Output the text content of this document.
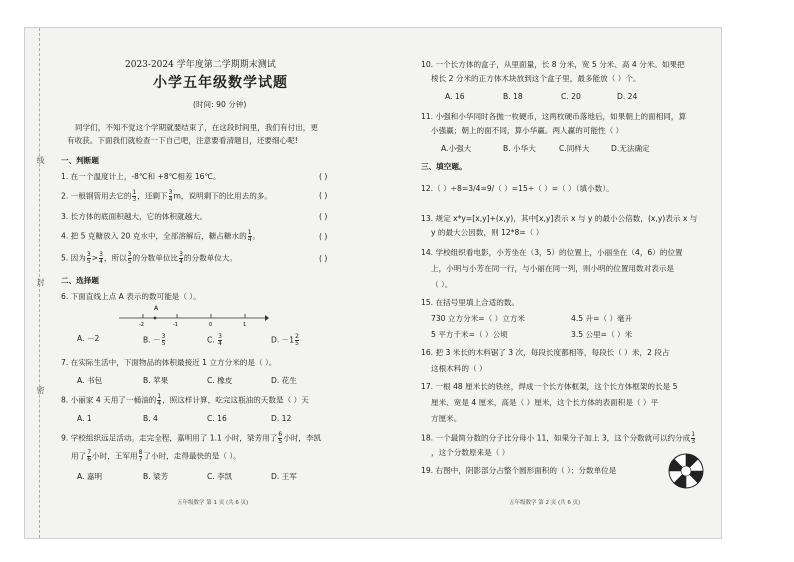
线
封
密
2023-2024 学年度第二学期期末测试
小学五年级数学试题
(时间: 90 分钟)
同学们，不知不觉这个学期就要结束了，在这段时间里，我们有付出，更
有收获。下面我们就检查一下自己吧，注意要看清题目，还要细心呢!
一、判断题
1. 在一个温度计上，-8℃和 +8℃相差 16℃。	( )
2. 一根钢管用去它的 $\frac{1}{3}$ ，还剩下 $\frac{3}{4}$ m，说明剩下的比用去的多。	( )
3. 长方体的底面积越大，它的体积就越大。	( )
4. 把 5 克糖放入 20 克水中，全部溶解后，糖占糖水的 $\frac{1}{4}$ 。	( )
5. 因为 $\frac{3}{5} > \frac{3}{4}$ ，所以 $\frac{3}{5}$ 的分数单位比 $\frac{3}{4}$ 的分数单位大。	( )
二、选择题
6. 下面直线上点 A 表示的数可能是（ ）。
A
-2	-1	0	1
A. －2	B. － $\frac{3}{5}$	C. $\frac{3}{4}$	D. $-1 \frac{2}{5}$
7. 在实际生活中，下面物品的体积最接近 1 立方分米的是（ ）。
A. 书包	B. 苹果	C. 橡皮	D. 花生
8. 小丽家 4 天用了一桶油的 $\frac{1}{4}$ ，照这样计算，吃完这瓶油的天数是（ ）天
A. 1	B. 4	C. 16	D. 12
9. 学校组织远足活动。走完全程，嘉明用了 1.1 小时，梁芳用了 $\frac{6}{5}$ 小时，李凯
用了 $\frac{7}{6}$ 小时，王军用 $\frac{8}{7}$ 了小时，走得最快的是（ ）。
A. 嘉明	B. 梁芳	C. 李凯	D. 王军
五年级数学 第 1 页 (共 6 页)
10. 一个长方体的盒子，从里面量，长 8 分米，宽 5 分米、高 4 分米。如果把
棱长 2 分米的正方体木块放到这个盒子里，最多能放（ ）个。
A. 16	B. 18	C. 20	D. 24
11. 小强和小华同时各抛一枚硬币，这两枚硬币落地后，如果朝上的面相同，算
小强赢；朝上的面不同，算小华赢。两人赢的可能性（ ）
A.小强大	B. 小华大	C.同样大	D.无法确定
三、填空题。
12.（ ）÷8=3/4=9/（ ）=15÷（ ）=（ ）（填小数）。
13. 规定 x*y=[x,y]+(x,y)，其中[x,y]表示 x 与 y 的最小公倍数，(x,y)表示 x 与
y 的最大公因数，则 12*8=（ ）
14. 学校组织看电影，小芳坐在（3，5）的位置上，小丽坐在（4，6）的位置
上，小明与小芳在同一行，与小丽在同一列，则小明的位置用数对表示是
（ ）。
15. 在括号里填上合适的数。
730 立方分米=（ ）立方米	4.5 升=（ ）毫升
5 平方千米=（ ）公顷	3.5 公里=（ ）米
16. 把 3 米长的木料锯了 3 次，每段长度都相等，每段长（ ）米，2 段占
这根木料的（ ）
17. 一根 48 厘米长的铁丝，焊成一个长方体框架，这个长方体框架的长是 5
厘米、宽是 4 厘米，高是（ ）厘米，这个长方体的表面积是（ ）平
方厘米。
18. 一个最简分数的分子比分母小 11，如果分子加上 3，这个分数就可以约分成 $\frac{1}{3}$
，这个分数原来是（ ）
19. 右图中，阴影部分占整个圆形面积的（ ）；分数单位是
五年级数学 第 2 页 (共 6 页)
